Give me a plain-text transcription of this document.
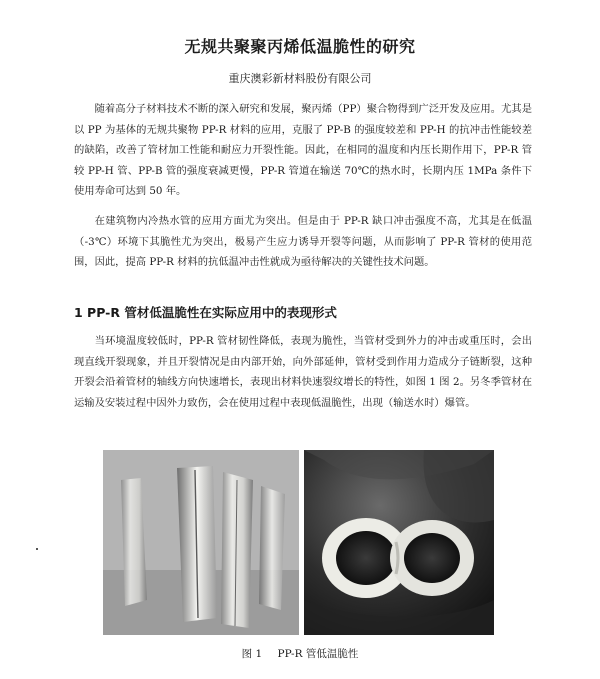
无规共聚聚丙烯低温脆性的研究
重庆澳彩新材料股份有限公司

随着高分子材料技术不断的深入研究和发展，聚丙烯（PP）聚合物得到广泛开发及应用。尤其是以 PP 为基体的无规共聚物 PP-R 材料的应用，克服了 PP-B 的强度较差和 PP-H 的抗冲击性能较差的缺陷，改善了管材加工性能和耐应力开裂性能。因此，在相同的温度和内压长期作用下，PP-R 管较 PP-H 管、PP-B 管的强度衰减更慢，PP-R 管道在输送 70℃的热水时，长期内压 1MPa 条件下使用寿命可达到 50 年。

在建筑物内冷热水管的应用方面尤为突出。但是由于 PP-R 缺口冲击强度不高，尤其是在低温（-3℃）环境下其脆性尤为突出，极易产生应力诱导开裂等问题，从而影响了 PP-R 管材的使用范围，因此，提高 PP-R 材料的抗低温冲击性就成为亟待解决的关键性技术问题。

1 PP-R 管材低温脆性在实际应用中的表现形式

当环境温度较低时，PP-R 管材韧性降低，表现为脆性，当管材受到外力的冲击或重压时，会出现直线开裂现象，并且开裂情况是由内部开始，向外部延伸，管材受到作用力造成分子链断裂，这种开裂会沿着管材的轴线方向快速增长，表现出材料快速裂纹增长的特性，如图 1 图 2。另冬季管材在运输及安装过程中因外力致伤，会在使用过程中表现低温脆性，出现（输送水时）爆管。

图 1 PP-R 管低温脆性
